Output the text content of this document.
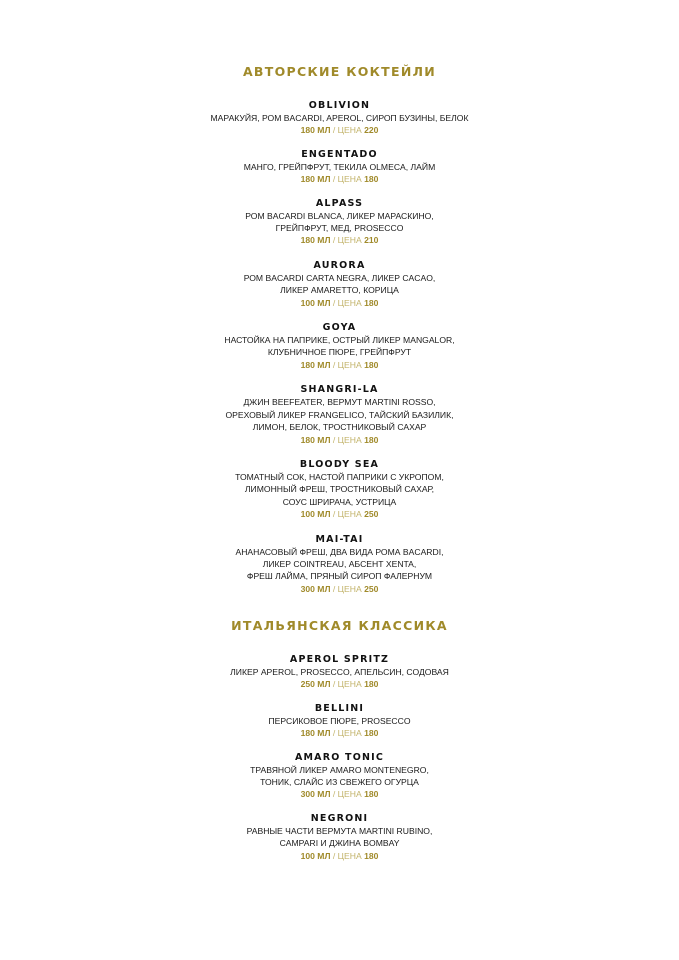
АВТОРСКИЕ КОКТЕЙЛИ
OBLIVION
МАРАКУЙЯ, РОМ BACARDI, APEROL, СИРОП БУЗИНЫ, БЕЛОК
180 МЛ / ЦЕНА 220
ENGENTADO
МАНГО, ГРЕЙПФРУТ, ТЕКИЛА OLMECA, ЛАЙМ
180 МЛ / ЦЕНА 180
ALPASS
РОМ BACARDI BLANCA, ЛИКЕР МАРАСКИНО,
ГРЕЙПФРУТ, МЕД, PROSECCO
180 МЛ / ЦЕНА 210
AURORA
РОМ BACARDI CARTA NEGRA, ЛИКЕР CACAO,
ЛИКЕР AMARETTO, КОРИЦА
100 МЛ / ЦЕНА 180
GOYA
НАСТОЙКА НА ПАПРИКЕ, ОСТРЫЙ ЛИКЕР MANGALOR,
КЛУБНИЧНОЕ ПЮРЕ, ГРЕЙПФРУТ
180 МЛ / ЦЕНА 180
SHANGRI-LA
ДЖИН BEEFEATER, ВЕРМУТ MARTINI ROSSO,
ОРЕХОВЫЙ ЛИКЕР FRANGELICO, ТАЙСКИЙ БАЗИЛИК,
ЛИМОН, БЕЛОК, ТРОСТНИКОВЫЙ САХАР
180 МЛ / ЦЕНА 180
BLOODY SEA
ТОМАТНЫЙ СОК, НАСТОЙ ПАПРИКИ С УКРОПОМ,
ЛИМОННЫЙ ФРЕШ, ТРОСТНИКОВЫЙ САХАР,
СОУС ШРИРАЧА, УСТРИЦА
100 МЛ / ЦЕНА 250
MAI-TAI
АНАНАСОВЫЙ ФРЕШ, ДВА ВИДА РОМА BACARDI,
ЛИКЕР COINTREAU, АБСЕНТ XENTA,
ФРЕШ ЛАЙМА, ПРЯНЫЙ СИРОП ФАЛЕРНУМ
300 МЛ / ЦЕНА 250
ИТАЛЬЯНСКАЯ КЛАССИКА
APEROL SPRITZ
ЛИКЕР APEROL, PROSECCO, АПЕЛЬСИН, СОДОВАЯ
250 МЛ / ЦЕНА 180
BELLINI
ПЕРСИКОВОЕ ПЮРЕ, PROSECCO
180 МЛ / ЦЕНА 180
AMARO TONIC
ТРАВЯНОЙ ЛИКЕР AMARO MONTENEGRO,
ТОНИК, СЛАЙС ИЗ СВЕЖЕГО ОГУРЦА
300 МЛ / ЦЕНА 180
NEGRONI
РАВНЫЕ ЧАСТИ ВЕРМУТА MARTINI RUBINO,
CAMPARI И ДЖИНА BOMBAY
100 МЛ / ЦЕНА 180
